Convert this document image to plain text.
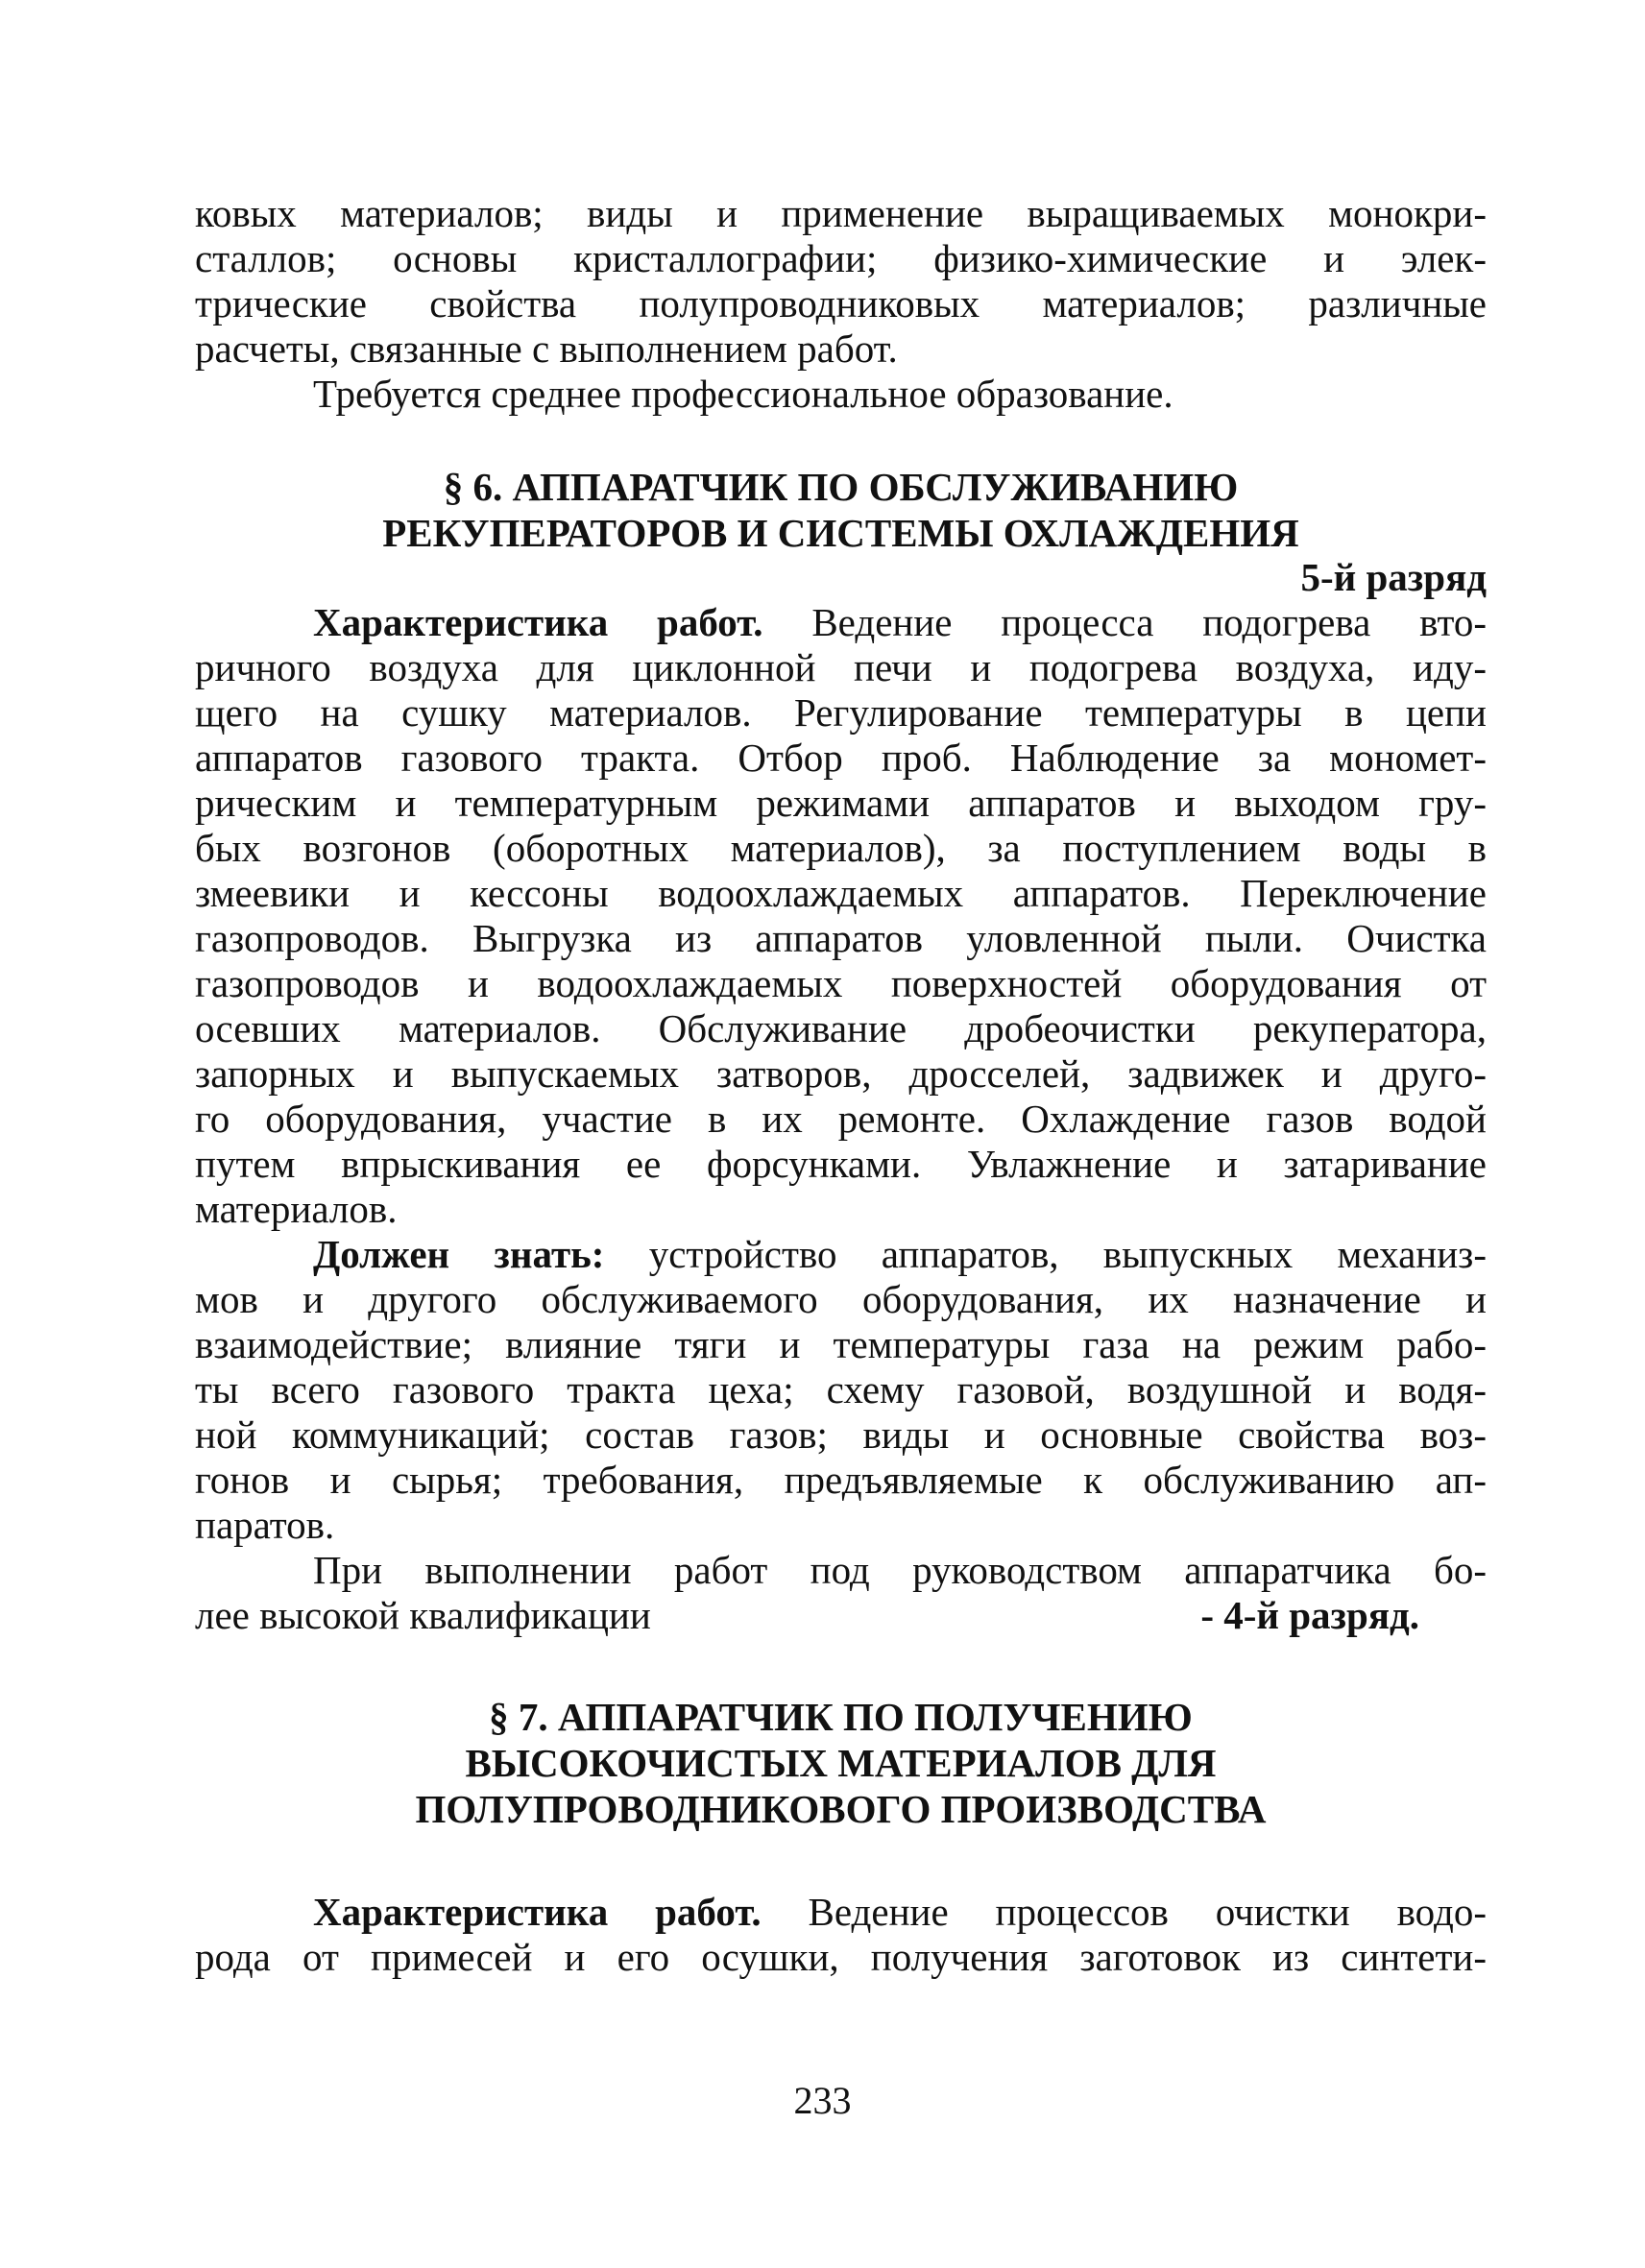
ковых материалов; виды и применение выращиваемых монокри-
сталлов; основы кристаллографии; физико-химические и элек-
трические свойства полупроводниковых материалов; различные
расчеты, связанные с выполнением работ.
Требуется среднее профессиональное образование.
§ 6. АППАРАТЧИК ПО ОБСЛУЖИВАНИЮ
РЕКУПЕРАТОРОВ И СИСТЕМЫ ОХЛАЖДЕНИЯ
5-й разряд
Характеристика работ. Ведение процесса подогрева вто-
ричного воздуха для циклонной печи и подогрева воздуха, иду-
щего на сушку материалов. Регулирование температуры в цепи
аппаратов газового тракта. Отбор проб. Наблюдение за мономет-
рическим и температурным режимами аппаратов и выходом гру-
бых возгонов (оборотных материалов), за поступлением воды в
змеевики и кессоны водоохлаждаемых аппаратов. Переключение
газопроводов. Выгрузка из аппаратов уловленной пыли. Очистка
газопроводов и водоохлаждаемых поверхностей оборудования от
осевших материалов. Обслуживание дробеочистки рекуператора,
запорных и выпускаемых затворов, дросселей, задвижек и друго-
го оборудования, участие в их ремонте. Охлаждение газов водой
путем впрыскивания ее форсунками. Увлажнение и затаривание
материалов.
Должен знать: устройство аппаратов, выпускных механиз-
мов и другого обслуживаемого оборудования, их назначение и
взаимодействие; влияние тяги и температуры газа на режим рабо-
ты всего газового тракта цеха; схему газовой, воздушной и водя-
ной коммуникаций; состав газов; виды и основные свойства воз-
гонов и сырья; требования, предъявляемые к обслуживанию ап-
паратов.
При выполнении работ под руководством аппаратчика бо-
лее высокой квалификации	- 4-й разряд.
§ 7. АППАРАТЧИК ПО ПОЛУЧЕНИЮ
ВЫСОКОЧИСТЫХ МАТЕРИАЛОВ ДЛЯ
ПОЛУПРОВОДНИКОВОГО ПРОИЗВОДСТВА
Характеристика работ. Ведение процессов очистки водо-
рода от примесей и его осушки, получения заготовок из синтети-
233
